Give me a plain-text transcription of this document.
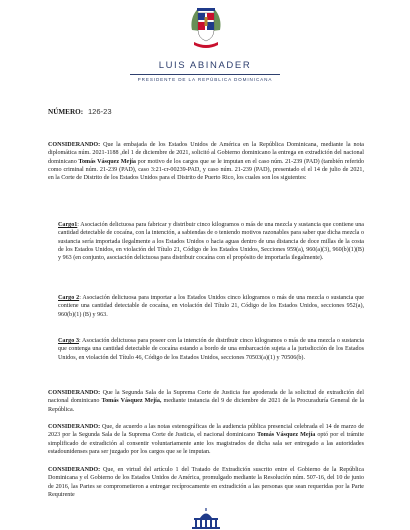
LUIS ABINADER
PRESIDENTE DE LA REPÚBLICA DOMINICANA
NÚMERO: 126-23

CONSIDERANDO: Que la embajada de los Estados Unidos de América en la República Dominicana, mediante la nota diplomática núm. 2021-1188 ,del 1 de diciembre de 2021, solicitó al Gobierno dominicano la entrega en extradición del nacional dominicano Tomás Vásquez Mejía por motivo de los cargos que se le imputan en el caso núm. 21-239 (PAD) (también referido como criminal núm. 21-239 (PAD), caso 3:21-cr-00239-PAD, y caso núm. 21-239 (PAD), presentado el el 14 de julio de 2021, en la Corte de Distrito de los Estados Unidos para el Distrito de Puerto Rico, los cuales son los siguientes:

Cargo1: Asociación delictuosa para fabricar y distribuir cinco kilogramos o más de una mezcla y sustancia que contiene una cantidad detectable de cocaína, con la intención, a sabiendas de o teniendo motivos razonables para saber que dicha mezcla o sustancia sería importada ilegalmente a los Estados Unidos o hacia aguas dentro de una distancia de doce millas de la costa de los Estados Unidos, en violación del Título 21, Código de los Estados Unidos, Secciones 959(a), 960(a)(3), 960(b)(1)(B) y 963 (en conjunto, asociación delictuosa para distribuir cocaína con el propósito de importarla ilegalmente).

Cargo 2: Asociación delictuosa para importar a los Estados Unidos cinco kilogramos o más de una mezcla o sustancia que contiene una cantidad detectable de cocaína, en violación del Título 21, Código de los Estados Unidos, secciones 952(a), 960(b)(1) (B) y 963.

Cargo 3: Asociación delictuosa para poseer con la intención de distribuir cinco kilogramos o más de una mezcla o sustancia que contenga una cantidad detectable de cocaína estando a bordo de una embarcación sujeta a la jurisdicción de los Estados Unidos, en violación del Título 46, Código de los Estados Unidos, secciones 70503(a)(1) y 70506(b).

CONSIDERANDO: Que la Segunda Sala de la Suprema Corte de Justicia fue apoderada de la solicitud de extradición del nacional dominicano Tomás Vásquez Mejía, mediante instancia del 9 de diciembre de 2021 de la Procuraduría General de la República.

CONSIDERANDO: Que, de acuerdo a las notas estenográficas de la audiencia pública presencial celebrada el 14 de marzo de 2023 por la Segunda Sala de la Suprema Corte de Justicia, el nacional dominicano Tomás Vásquez Mejía optó por el trámite simplificado de extradición al consentir voluntariamente ante los magistrados de dicha sala ser entregado a las autoridades estadounidenses para ser juzgado por los cargos que se le imputan.

CONSIDERANDO: Que, en virtud del artículo 1 del Tratado de Extradición suscrito entre el Gobierno de la República Dominicana y el Gobierno de los Estados Unidos de América, promulgado mediante la Resolución núm. 507-16, del 10 de junio de 2016, las Partes se comprometieron a entregar recíprocamente en extradición a las personas que sean requeridas por la Parte Requirente
